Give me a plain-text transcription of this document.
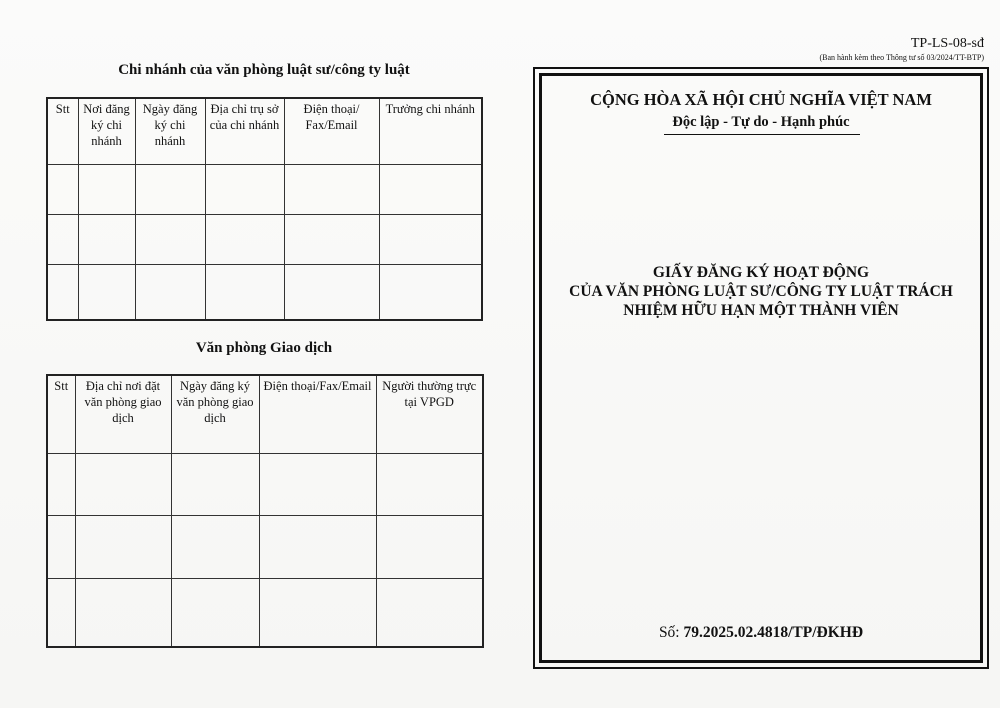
Chi nhánh của văn phòng luật sư/công ty luật
Stt	Nơi đăng ký chi nhánh	Ngày đăng ký chi nhánh	Địa chỉ trụ sở của chi nhánh	Điện thoại/ Fax/Email	Trưởng chi nhánh

Văn phòng Giao dịch
Stt	Địa chỉ nơi đặt văn phòng giao dịch	Ngày đăng ký văn phòng giao dịch	Điện thoại/Fax/Email	Người thường trực tại VPGD

TP-LS-08-sđ
(Ban hành kèm theo Thông tư số 03/2024/TT-BTP)
CỘNG HÒA XÃ HỘI CHỦ NGHĨA VIỆT NAM
Độc lập - Tự do - Hạnh phúc
GIẤY ĐĂNG KÝ HOẠT ĐỘNG
CỦA VĂN PHÒNG LUẬT SƯ/CÔNG TY LUẬT TRÁCH
NHIỆM HỮU HẠN MỘT THÀNH VIÊN
Số: 79.2025.02.4818/TP/ĐKHĐ
